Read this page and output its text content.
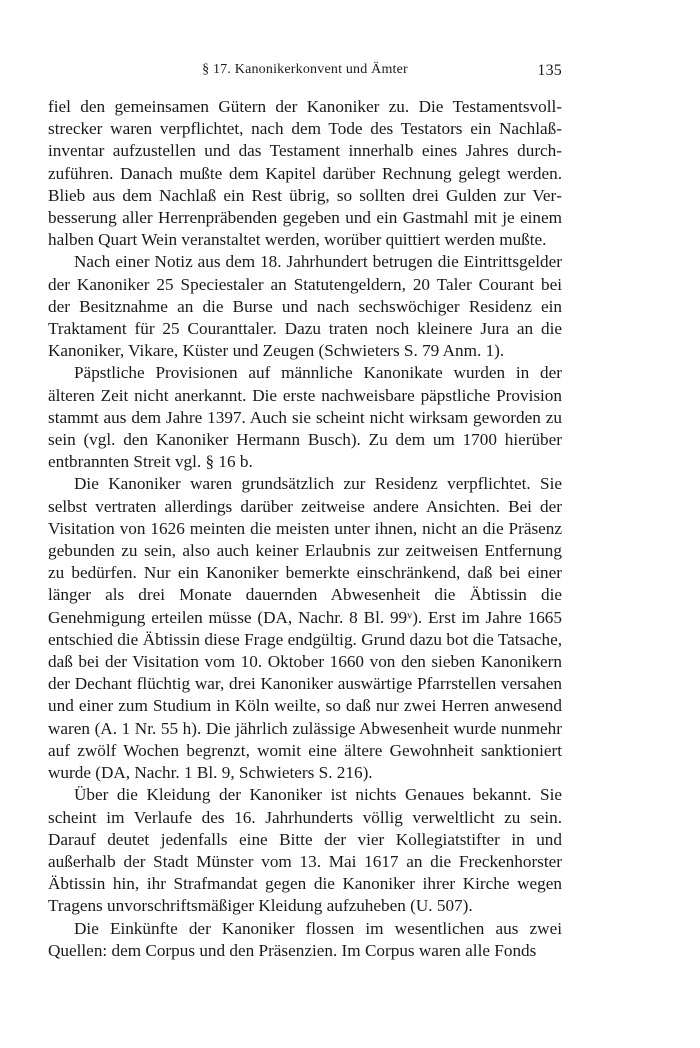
§ 17. Kanonikerkonvent und Ämter	135

fiel den gemeinsamen Gütern der Kanoniker zu. Die Testamentsvollstrecker waren verpflichtet, nach dem Tode des Testators ein Nachlaßinventar aufzustellen und das Testament innerhalb eines Jahres durchzuführen. Danach mußte dem Kapitel darüber Rechnung gelegt werden. Blieb aus dem Nachlaß ein Rest übrig, so sollten drei Gulden zur Verbesserung aller Herrenpräbenden gegeben und ein Gastmahl mit je einem halben Quart Wein veranstaltet werden, worüber quittiert werden mußte.

Nach einer Notiz aus dem 18. Jahrhundert betrugen die Eintrittsgelder der Kanoniker 25 Speciestaler an Statutengeldern, 20 Taler Courant bei der Besitznahme an die Burse und nach sechswöchiger Residenz ein Traktament für 25 Couranttaler. Dazu traten noch kleinere Jura an die Kanoniker, Vikare, Küster und Zeugen (Schwieters S. 79 Anm. 1).

Päpstliche Provisionen auf männliche Kanonikate wurden in der älteren Zeit nicht anerkannt. Die erste nachweisbare päpstliche Provision stammt aus dem Jahre 1397. Auch sie scheint nicht wirksam geworden zu sein (vgl. den Kanoniker Hermann Busch). Zu dem um 1700 hierüber entbrannten Streit vgl. § 16 b.

Die Kanoniker waren grundsätzlich zur Residenz verpflichtet. Sie selbst vertraten allerdings darüber zeitweise andere Ansichten. Bei der Visitation von 1626 meinten die meisten unter ihnen, nicht an die Präsenz gebunden zu sein, also auch keiner Erlaubnis zur zeitweisen Entfernung zu bedürfen. Nur ein Kanoniker bemerkte einschränkend, daß bei einer länger als drei Monate dauernden Abwesenheit die Äbtissin die Genehmigung erteilen müsse (DA, Nachr. 8 Bl. 99ᵛ). Erst im Jahre 1665 entschied die Äbtissin diese Frage endgültig. Grund dazu bot die Tatsache, daß bei der Visitation vom 10. Oktober 1660 von den sieben Kanonikern der Dechant flüchtig war, drei Kanoniker auswärtige Pfarrstellen versahen und einer zum Studium in Köln weilte, so daß nur zwei Herren anwesend waren (A. 1 Nr. 55 h). Die jährlich zulässige Abwesenheit wurde nunmehr auf zwölf Wochen begrenzt, womit eine ältere Gewohnheit sanktioniert wurde (DA, Nachr. 1 Bl. 9, Schwieters S. 216).

Über die Kleidung der Kanoniker ist nichts Genaues bekannt. Sie scheint im Verlaufe des 16. Jahrhunderts völlig verweltlicht zu sein. Darauf deutet jedenfalls eine Bitte der vier Kollegiatstifter in und außerhalb der Stadt Münster vom 13. Mai 1617 an die Freckenhorster Äbtissin hin, ihr Strafmandat gegen die Kanoniker ihrer Kirche wegen Tragens unvorschriftsmäßiger Kleidung aufzuheben (U. 507).

Die Einkünfte der Kanoniker flossen im wesentlichen aus zwei Quellen: dem Corpus und den Präsenzien. Im Corpus waren alle Fonds
